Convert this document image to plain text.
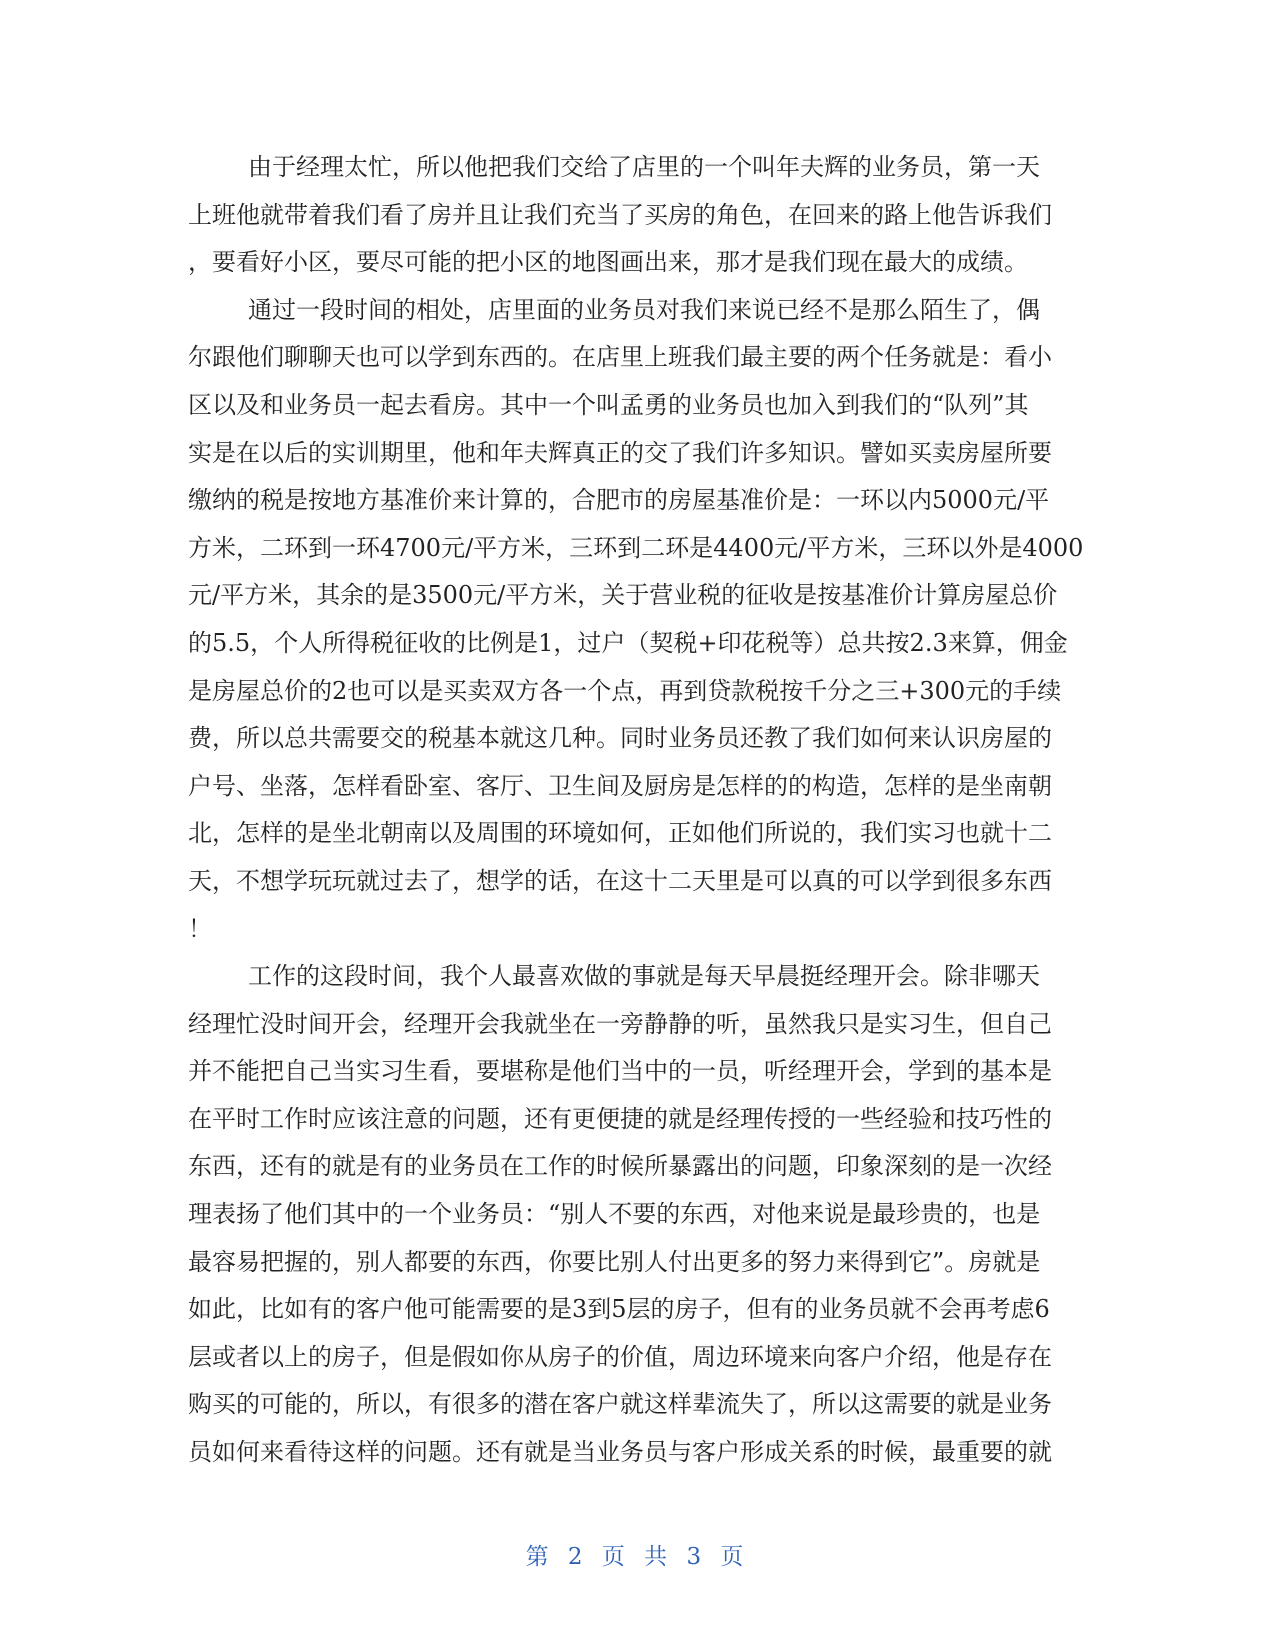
由于经理太忙，所以他把我们交给了店里的一个叫年夫辉的业务员，第一天
上班他就带着我们看了房并且让我们充当了买房的角色，在回来的路上他告诉我们
，要看好小区，要尽可能的把小区的地图画出来，那才是我们现在最大的成绩。
通过一段时间的相处，店里面的业务员对我们来说已经不是那么陌生了，偶
尔跟他们聊聊天也可以学到东西的。在店里上班我们最主要的两个任务就是：看小
区以及和业务员一起去看房。其中一个叫孟勇的业务员也加入到我们的“队列”其
实是在以后的实训期里，他和年夫辉真正的交了我们许多知识。譬如买卖房屋所要
缴纳的税是按地方基准价来计算的，合肥市的房屋基准价是：一环以内5000元/平
方米，二环到一环4700元/平方米，三环到二环是4400元/平方米，三环以外是4000
元/平方米，其余的是3500元/平方米，关于营业税的征收是按基准价计算房屋总价
的5.5，个人所得税征收的比例是1，过户（契税+印花税等）总共按2.3来算，佣金
是房屋总价的2也可以是买卖双方各一个点，再到贷款税按千分之三+300元的手续
费，所以总共需要交的税基本就这几种。同时业务员还教了我们如何来认识房屋的
户号、坐落，怎样看卧室、客厅、卫生间及厨房是怎样的的构造，怎样的是坐南朝
北，怎样的是坐北朝南以及周围的环境如何，正如他们所说的，我们实习也就十二
天，不想学玩玩就过去了，想学的话，在这十二天里是可以真的可以学到很多东西
！
工作的这段时间，我个人最喜欢做的事就是每天早晨挺经理开会。除非哪天
经理忙没时间开会，经理开会我就坐在一旁静静的听，虽然我只是实习生，但自己
并不能把自己当实习生看，要堪称是他们当中的一员，听经理开会，学到的基本是
在平时工作时应该注意的问题，还有更便捷的就是经理传授的一些经验和技巧性的
东西，还有的就是有的业务员在工作的时候所暴露出的问题，印象深刻的是一次经
理表扬了他们其中的一个业务员：“别人不要的东西，对他来说是最珍贵的，也是
最容易把握的，别人都要的东西，你要比别人付出更多的努力来得到它”。房就是
如此，比如有的客户他可能需要的是3到5层的房子，但有的业务员就不会再考虑6
层或者以上的房子，但是假如你从房子的价值，周边环境来向客户介绍，他是存在
购买的可能的，所以，有很多的潜在客户就这样辈流失了，所以这需要的就是业务
员如何来看待这样的问题。还有就是当业务员与客户形成关系的时候，最重要的就
第 2 页 共 3 页
